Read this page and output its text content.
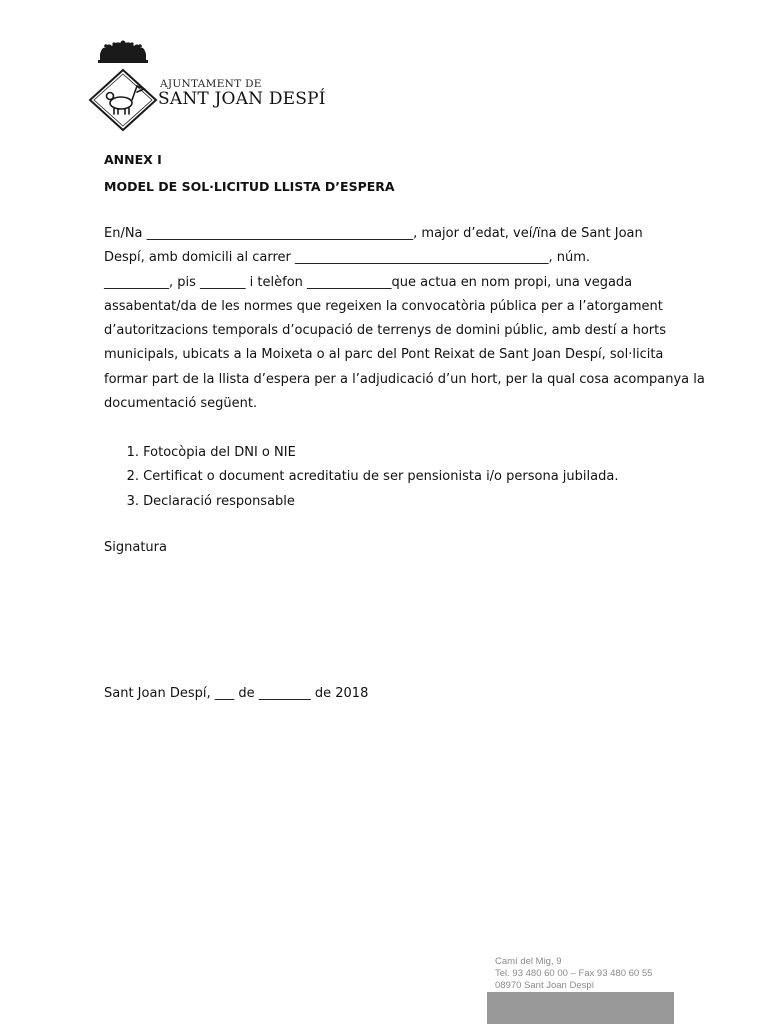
AJUNTAMENT DE
SANT JOAN DESPÍ
ANNEX I
MODEL DE SOL·LICITUD LLISTA D’ESPERA

En/Na _________________________________________, major d’edat, veí/ïna de Sant Joan
Despí, amb domicili al carrer _______________________________________, núm.
__________, pis _______ i telèfon _____________que actua en nom propi, una vegada
assabentat/da de les normes que regeixen la convocatòria pública per a l’atorgament
d’autoritzacions temporals d’ocupació de terrenys de domini públic, amb destí a horts
municipals, ubicats a la Moixeta o al parc del Pont Reixat de Sant Joan Despí, sol·licita
formar part de la llista d’espera per a l’adjudicació d’un hort, per la qual cosa acompanya la
documentació següent.

1. Fotocòpia del DNI o NIE
2. Certificat o document acreditatiu de ser pensionista i/o persona jubilada.
3. Declaració responsable
Signatura
Sant Joan Despí, ___ de ________ de 2018
Camí del Mig, 9
Tel. 93 480 60 00 – Fax 93 480 60 55
08970 Sant Joan Despí
